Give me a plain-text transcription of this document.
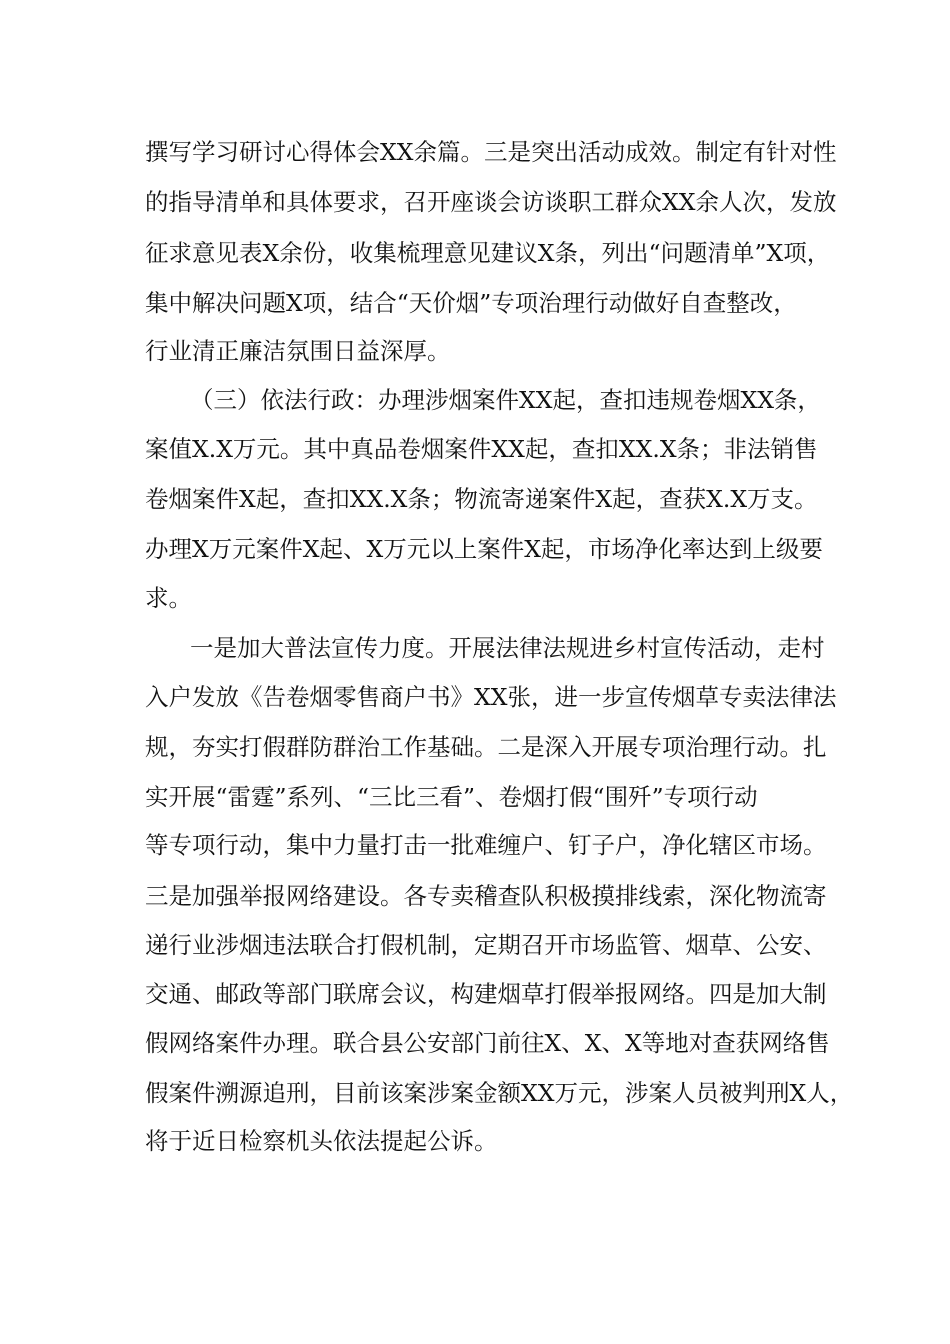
撰写学习研讨心得体会XX余篇。三是突出活动成效。制定有针对性
的指导清单和具体要求，召开座谈会访谈职工群众XX余人次，发放
征求意见表X余份，收集梳理意见建议X条，列出“问题清单”X项，
集中解决问题X项，结合“天价烟”专项治理行动做好自查整改，
行业清正廉洁氛围日益深厚。
（三）依法行政：办理涉烟案件XX起，查扣违规卷烟XX条，
案值X.X万元。其中真品卷烟案件XX起，查扣XX.X条；非法销售
卷烟案件X起，查扣XX.X条；物流寄递案件X起，查获X.X万支。
办理X万元案件X起、X万元以上案件X起，市场净化率达到上级要
求。
一是加大普法宣传力度。开展法律法规进乡村宣传活动，走村
入户发放《告卷烟零售商户书》XX张，进一步宣传烟草专卖法律法
规，夯实打假群防群治工作基础。二是深入开展专项治理行动。扎
实开展“雷霆”系列、“三比三看”、卷烟打假“围歼”专项行动
等专项行动，集中力量打击一批难缠户、钉子户，净化辖区市场。
三是加强举报网络建设。各专卖稽查队积极摸排线索，深化物流寄
递行业涉烟违法联合打假机制，定期召开市场监管、烟草、公安、
交通、邮政等部门联席会议，构建烟草打假举报网络。四是加大制
假网络案件办理。联合县公安部门前往X、X、X等地对查获网络售
假案件溯源追刑，目前该案涉案金额XX万元，涉案人员被判刑X人，
将于近日检察机头依法提起公诉。
